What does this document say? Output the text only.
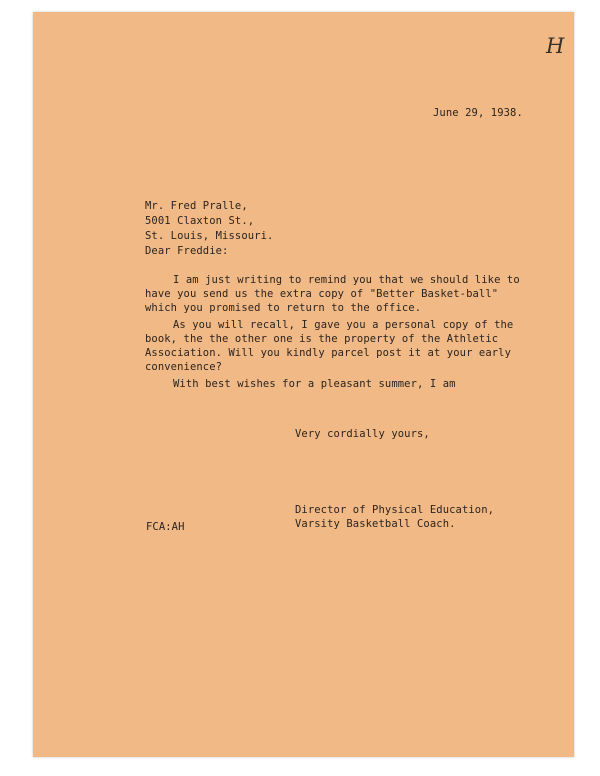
H
June 29, 1938.
Mr. Fred Pralle,
5001 Claxton St.,
St. Louis, Missouri.
Dear Freddie:
I am just writing to remind you that we should like to have you send us the extra copy of "Better Basket-ball" which you promised to return to the office.
As you will recall, I gave you a personal copy of the book, the the other one is the property of the Athletic Association. Will you kindly parcel post it at your early convenience?
With best wishes for a pleasant summer, I am
Very cordially yours,
Director of Physical Education,
Varsity Basketball Coach.
FCA:AH
